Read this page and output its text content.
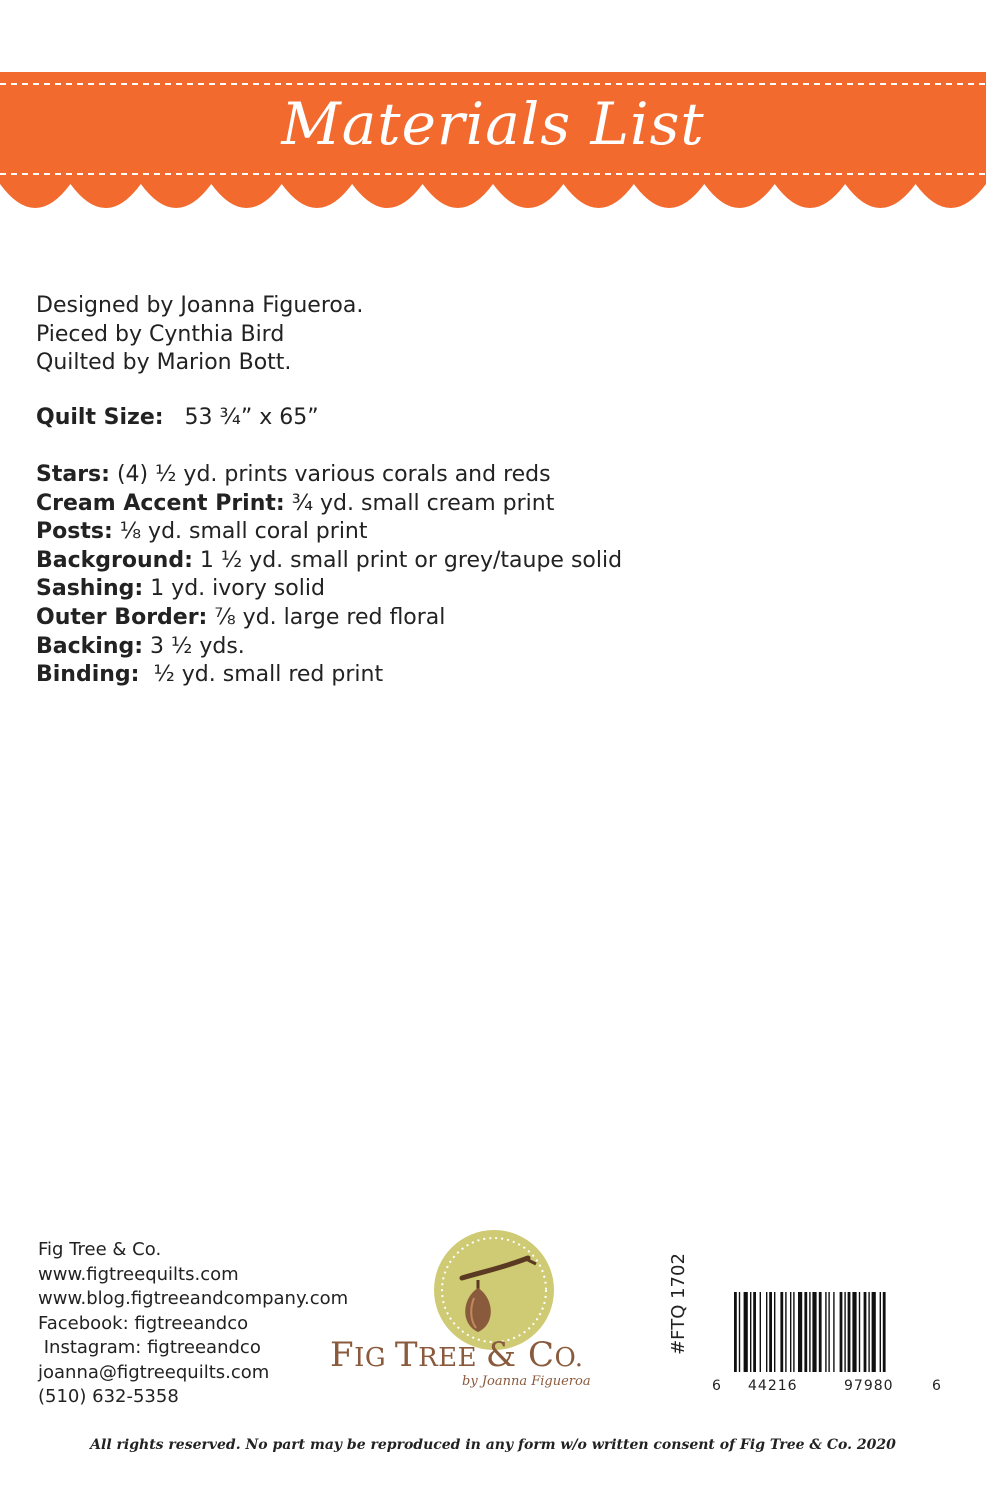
Materials List
Designed by Joanna Figueroa.
Pieced by Cynthia Bird
Quilted by Marion Bott.
Quilt Size:   53 ¾” x 65”
Stars: (4) ½ yd. prints various corals and reds
Cream Accent Print: ¾ yd. small cream print
Posts: ⅛ yd. small coral print
Background: 1 ½ yd. small print or grey/taupe solid
Sashing: 1 yd. ivory solid
Outer Border: ⅞ yd. large red floral
Backing: 3 ½ yds.
Binding:  ½ yd. small red print
Fig Tree & Co.
www.figtreequilts.com
www.blog.figtreeandcompany.com
Facebook: figtreeandco
Instagram: figtreeandco
joanna@figtreequilts.com
(510) 632-5358
FIG TREE & CO.
by Joanna Figueroa
#FTQ 1702
6 44216	97980	6
All rights reserved. No part may be reproduced in any form w/o written consent of Fig Tree & Co. 2020
